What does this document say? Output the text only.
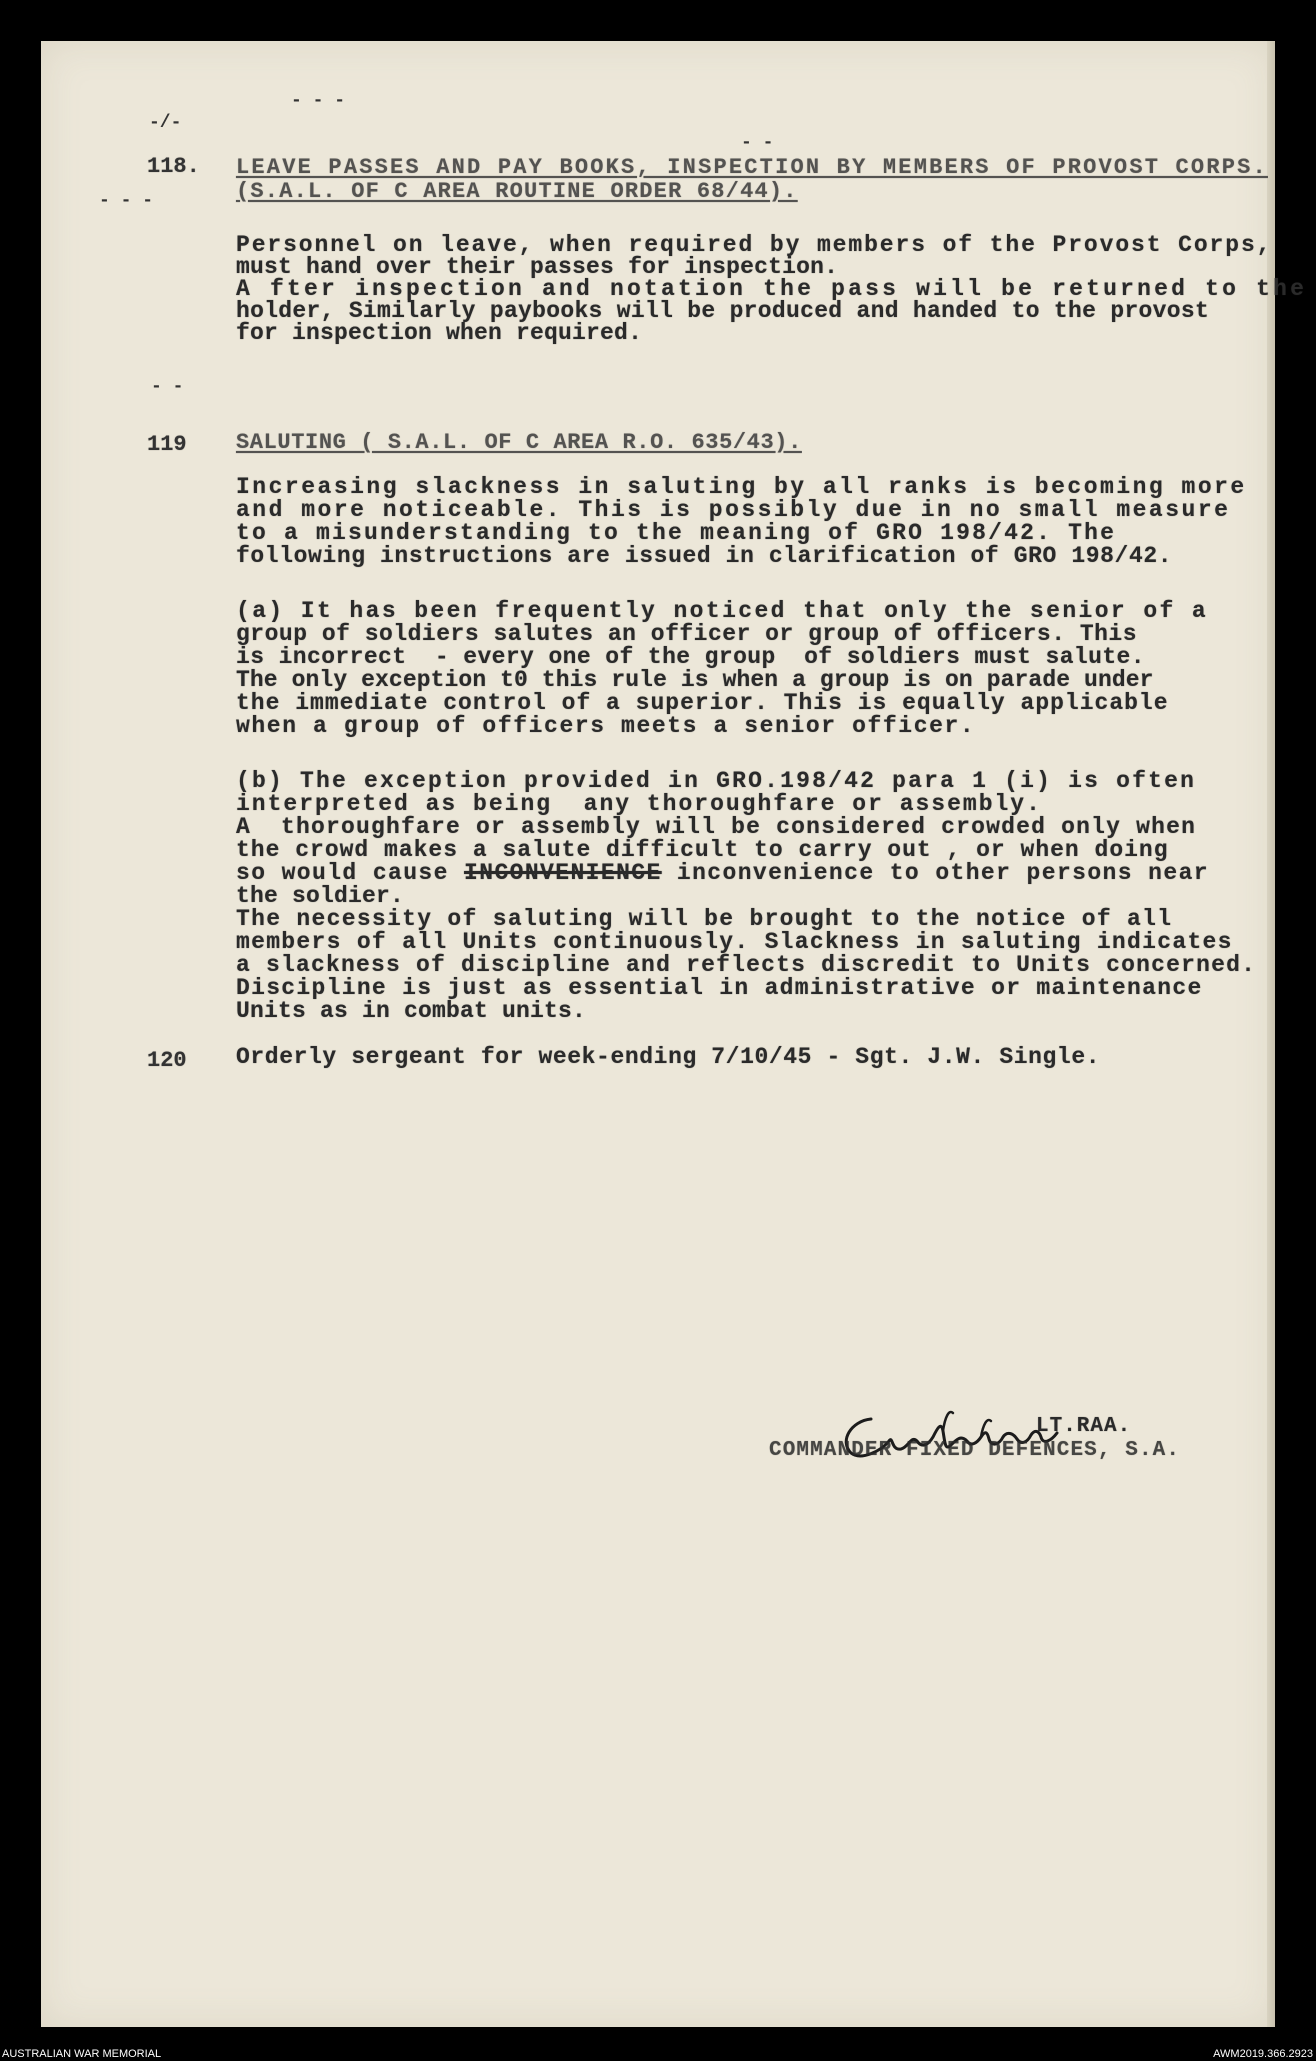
- - -
-/-
- -
- - -
- -
118. LEAVE PASSES AND PAY BOOKS, INSPECTION BY MEMBERS OF PROVOST CORPS.
(S.A.L. OF C AREA ROUTINE ORDER 68/44).
Personnel on leave, when required by members of the Provost Corps,
must hand over their passes for inspection.
A fter inspection and notation the pass will be returned to the
holder, Similarly paybooks will be produced and handed to the provost
for inspection when required.
119 SALUTING ( S.A.L. OF C AREA R.O. 635/43).
Increasing slackness in saluting by all ranks is becoming more
and more noticeable. This is possibly due in no small measure
to a misunderstanding to the meaning of GRO 198/42. The
following instructions are issued in clarification of GRO 198/42.
(a) It has been frequently noticed that only the senior of a
group of soldiers salutes an officer or group of officers. This
is incorrect  - every one of the group  of soldiers must salute.
The only exception t0 this rule is when a group is on parade under
the immediate control of a superior. This is equally applicable
when a group of officers meets a senior officer.
(b) The exception provided in GRO.198/42 para 1 (i) is often
interpreted as being  any thoroughfare or assembly.
A  thoroughfare or assembly will be considered crowded only when
the crowd makes a salute difficult to carry out , or when doing
so would cause INCONVENIENCE inconvenience to other persons near
the soldier.
The necessity of saluting will be brought to the notice of all
members of all Units continuously. Slackness in saluting indicates
a slackness of discipline and reflects discredit to Units concerned.
Discipline is just as essential in administrative or maintenance
Units as in combat units.
120 Orderly sergeant for week-ending 7/10/45 - Sgt. J.W. Single.
LT.RAA.
COMMANDER FIXED DEFENCES, S.A.
AUSTRALIAN WAR MEMORIAL	AWM2019.366.2923
